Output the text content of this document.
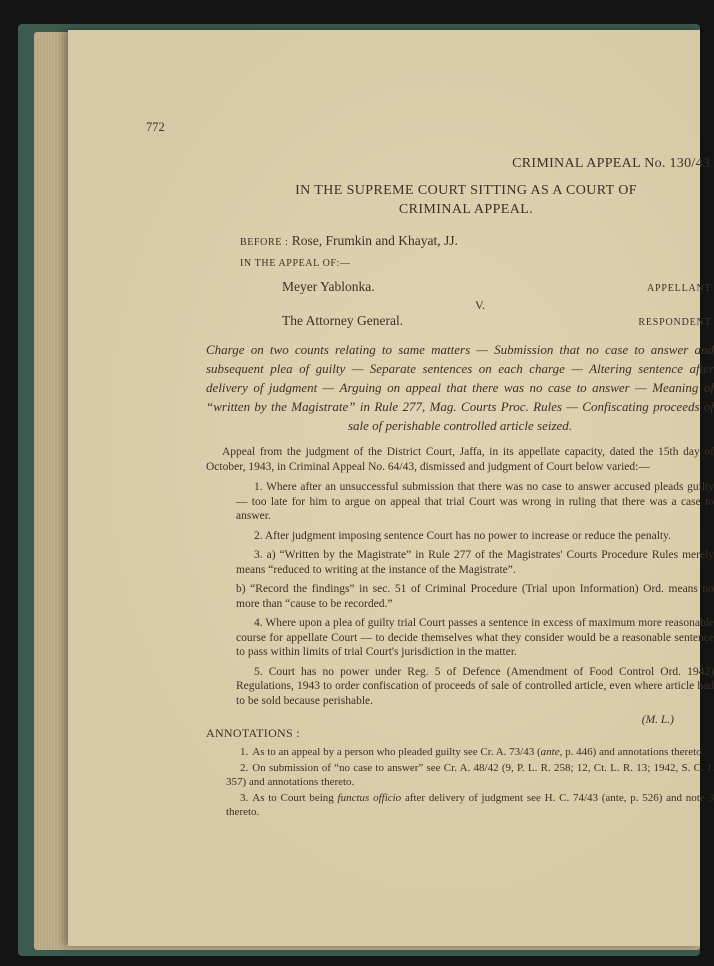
772
CRIMINAL APPEAL No. 130/43.
IN THE SUPREME COURT SITTING AS A COURT OF
CRIMINAL APPEAL.
BEFORE : Rose, Frumkin and Khayat, JJ.
IN THE APPEAL OF:—
Meyer Yablonka.	APPELLANT.
V.
The Attorney General.	RESPONDENT.
Charge on two counts relating to same matters — Submission that no case to answer and subsequent plea of guilty — Separate sentences on each charge — Altering sentence after delivery of judgment — Arguing on appeal that there was no case to answer — Meaning of “written by the Magistrate” in Rule 277, Mag. Courts Proc. Rules — Confiscating proceeds of sale of perishable controlled article seized.
Appeal from the judgment of the District Court, Jaffa, in its appellate capacity, dated the 15th day of October, 1943, in Criminal Appeal No. 64/43, dismissed and judgment of Court below varied:—
1. Where after an unsuccessful submission that there was no case to answer accused pleads guilty — too late for him to argue on appeal that trial Court was wrong in ruling that there was a case to answer.
2. After judgment imposing sentence Court has no power to increase or reduce the penalty.
3. a) “Written by the Magistrate” in Rule 277 of the Magistrates' Courts Procedure Rules merely means “reduced to writing at the instance of the Magistrate”.
b) “Record the findings” in sec. 51 of Criminal Procedure (Trial upon Information) Ord. means no more than “cause to be recorded.”
4. Where upon a plea of guilty trial Court passes a sentence in excess of maximum more reasonable course for appellate Court — to decide themselves what they consider would be a reasonable sentence to pass within limits of trial Court's jurisdiction in the matter.
5. Court has no power under Reg. 5 of Defence (Amendment of Food Control Ord. 1942) Regulations, 1943 to order confiscation of proceeds of sale of controlled article, even where article had to be sold because perishable.
(M. L.)
ANNOTATIONS :
1. As to an appeal by a person who pleaded guilty see Cr. A. 73/43 (ante, p. 446) and annotations thereto.
2. On submission of “no case to answer” see Cr. A. 48/42 (9, P. L. R. 258; 12, Ct. L. R. 13; 1942, S. C. J. 357) and annotations thereto.
3. As to Court being functus officio after delivery of judgment see H. C. 74/43 (ante, p. 526) and note 3 thereto.
